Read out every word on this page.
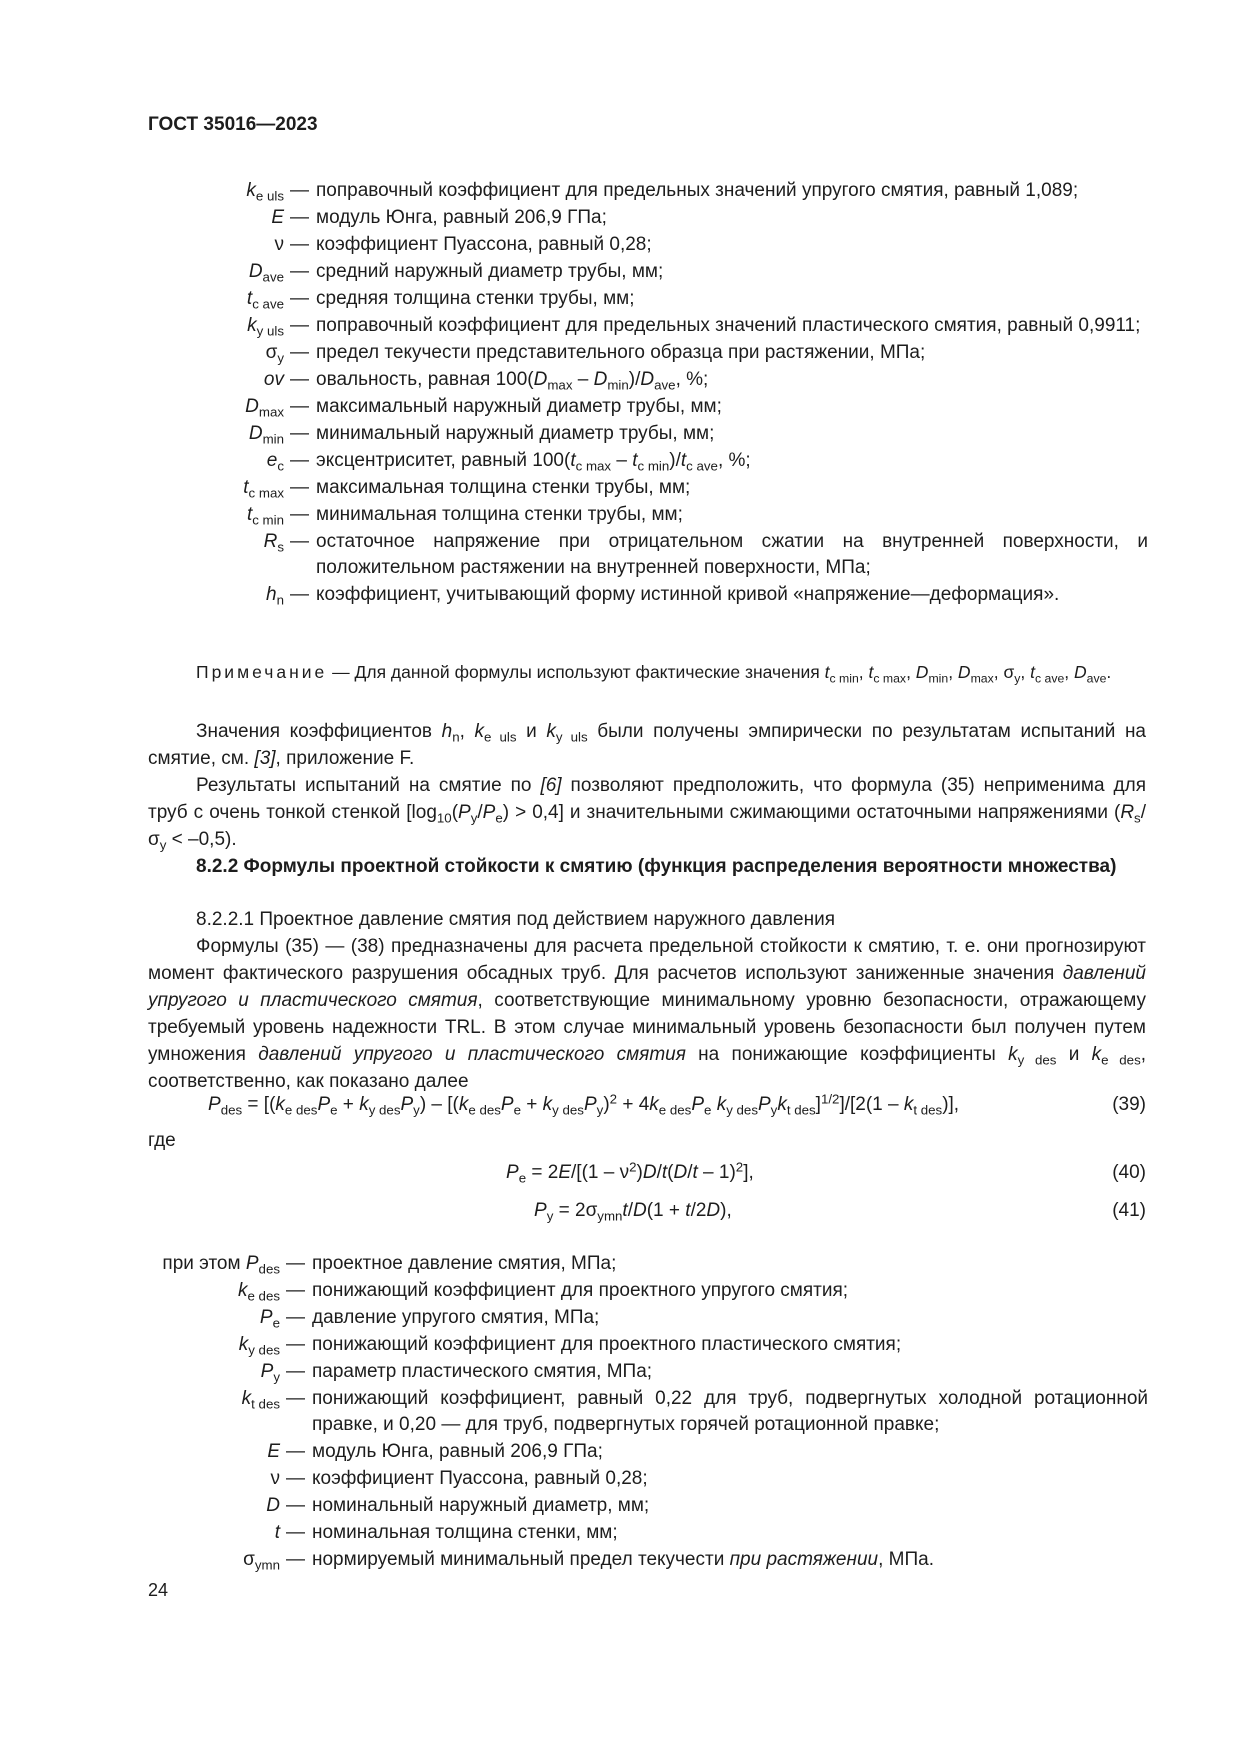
ГОСТ 35016—2023
$k_{e uls}$ — поправочный коэффициент для предельных значений упругого смятия, равный 1,089;
E — модуль Юнга, равный 206,9 ГПа;
ν — коэффициент Пуассона, равный 0,28;
$D_{ave}$ — средний наружный диаметр трубы, мм;
$t_{c ave}$ — средняя толщина стенки трубы, мм;
$k_{y uls}$ — поправочный коэффициент для предельных значений пластического смятия, равный 0,9911;
$\sigma_y$ — предел текучести представительного образца при растяжении, МПа;
ov — овальность, равная $100(D_{max} - D_{min})/D_{ave}$, %;
$D_{max}$ — максимальный наружный диаметр трубы, мм;
$D_{min}$ — минимальный наружный диаметр трубы, мм;
$e_c$ — эксцентриситет, равный $100(t_{c max} - t_{c min})/t_{c ave}$, %;
$t_{c max}$ — максимальная толщина стенки трубы, мм;
$t_{c min}$ — минимальная толщина стенки трубы, мм;
$R_s$ — остаточное напряжение при отрицательном сжатии на внутренней поверхности, и положительном растяжении на внутренней поверхности, МПа;
$h_n$ — коэффициент, учитывающий форму истинной кривой «напряжение—деформация».
Примечание — Для данной формулы используют фактические значения $t_{c min}$, $t_{c max}$, $D_{min}$, $D_{max}$, $\sigma_y$, $t_{c ave}$, $D_{ave}$.
Значения коэффициентов $h_n$, $k_{e uls}$ и $k_{y uls}$ были получены эмпирически по результатам испытаний на смятие, см. [3], приложение F.
Результаты испытаний на смятие по [6] позволяют предположить, что формула (35) неприменима для труб с очень тонкой стенкой $[\log_{10}(P_y/P_e) > 0,4]$ и значительными сжимающими остаточными напряжениями $(R_s/\sigma_y < -0,5)$.
8.2.2 Формулы проектной стойкости к смятию (функция распределения вероятности множества)
8.2.2.1 Проектное давление смятия под действием наружного давления
Формулы (35) — (38) предназначены для расчета предельной стойкости к смятию, т. е. они прогнозируют момент фактического разрушения обсадных труб. Для расчетов используют заниженные значения давлений упругого и пластического смятия, соответствующие минимальному уровню безопасности, отражающему требуемый уровень надежности TRL. В этом случае минимальный уровень безопасности был получен путем умножения давлений упругого и пластического смятия на понижающие коэффициенты $k_{y des}$ и $k_{e des}$, соответственно, как показано далее
$P_{des} = [(k_{e des}P_e + k_{y des}P_y) - [(k_{e des}P_e + k_{y des}P_y)^2 + 4k_{e des}P_e$ $k_{y des}P_yk_{t des}]^{1/2}]/[2(1 - k_{t des})]$,	(39)
где
$P_e = 2E/[(1 - \nu^2)D/t(D/t - 1)^2]$,	(40)
$P_y = 2\sigma_{ymn}t/D(1 + t/2D)$,	(41)
при этом $P_{des}$ — проектное давление смятия, МПа;
$k_{e des}$ — понижающий коэффициент для проектного упругого смятия;
$P_e$ — давление упругого смятия, МПа;
$k_{y des}$ — понижающий коэффициент для проектного пластического смятия;
$P_y$ — параметр пластического смятия, МПа;
$k_{t des}$ — понижающий коэффициент, равный 0,22 для труб, подвергнутых холодной ротационной правке, и 0,20 — для труб, подвергнутых горячей ротационной правке;
E — модуль Юнга, равный 206,9 ГПа;
ν — коэффициент Пуассона, равный 0,28;
D — номинальный наружный диаметр, мм;
t — номинальная толщина стенки, мм;
$\sigma_{ymn}$ — нормируемый минимальный предел текучести при растяжении, МПа.
24
